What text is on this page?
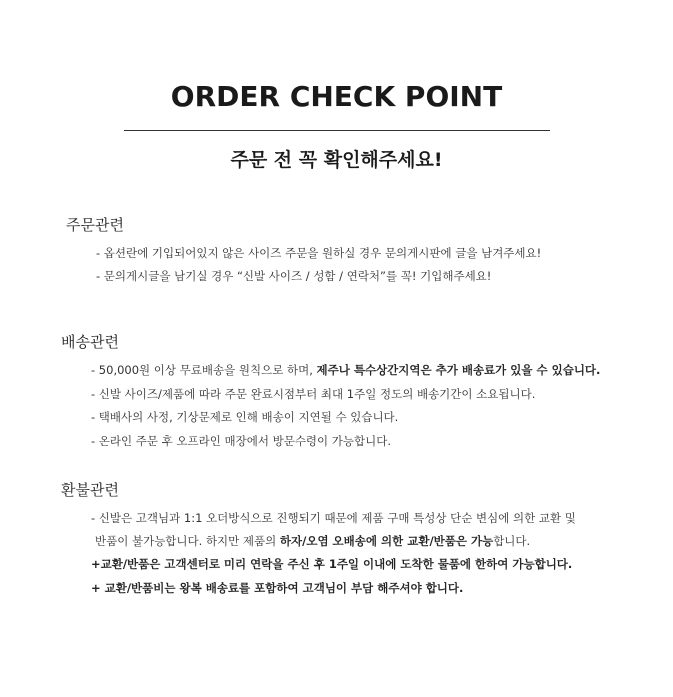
ORDER CHECK POINT
주문 전 꼭 확인해주세요!
주문관련
- 옵션란에 기입되어있지 않은 사이즈 주문을 원하실 경우 문의게시판에 글을 남겨주세요!
- 문의게시글을 남기실 경우 “신발 사이즈 / 성함 / 연락처”를 꼭! 기입해주세요!
배송관련
- 50,000원 이상 무료배송을 원칙으로 하며, 제주나 특수상간지역은 추가 배송료가 있을 수 있습니다.
- 신발 사이즈/제품에 따라 주문 완료시점부터 최대 1주일 정도의 배송기간이 소요됩니다.
- 택배사의 사정, 기상문제로 인해 배송이 지연될 수 있습니다.
- 온라인 주문 후 오프라인 매장에서 방문수령이 가능합니다.
환불관련
- 신발은 고객님과 1:1 오더방식으로 진행되기 때문에 제품 구매 특성상 단순 변심에 의한 교환 및
반품이 불가능합니다. 하지만 제품의 하자/오염 오배송에 의한 교환/반품은 가능합니다.
+교환/반품은 고객센터로 미리 연락을 주신 후 1주일 이내에 도착한 물품에 한하여 가능합니다.
+ 교환/반품비는 왕복 배송료를 포함하여 고객님이 부담 해주셔야 합니다.
